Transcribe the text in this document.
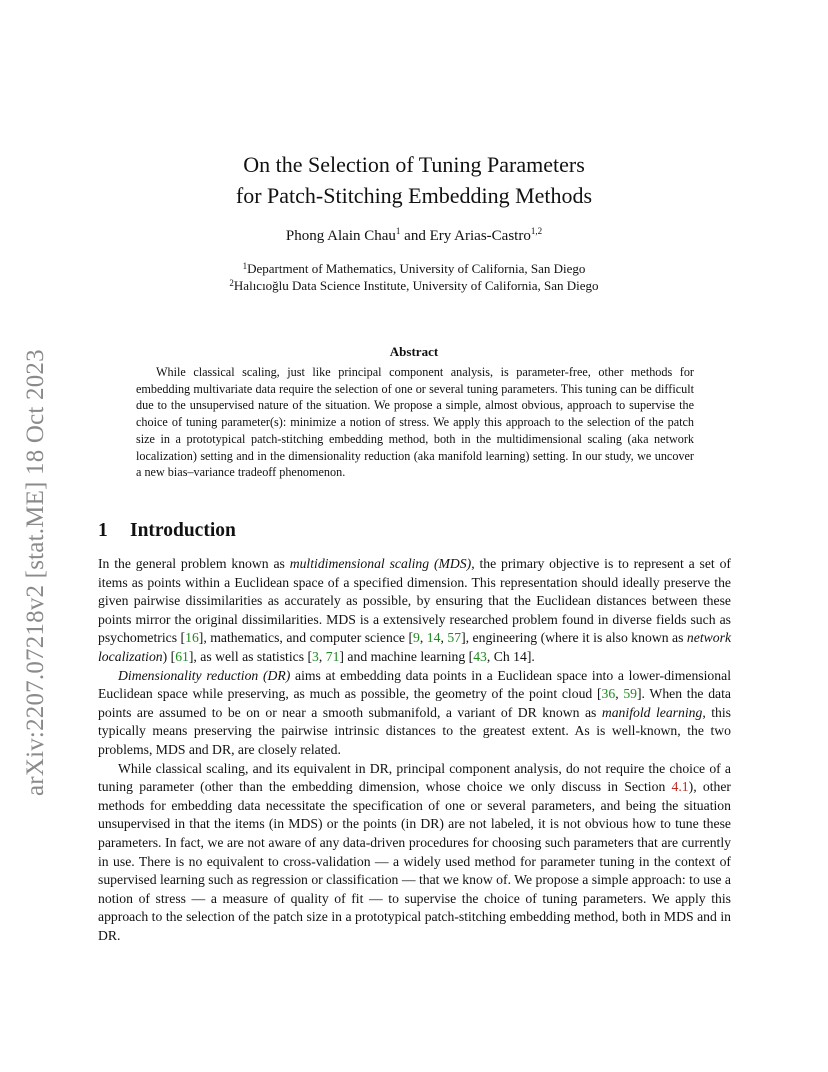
arXiv:2207.07218v2 [stat.ME] 18 Oct 2023
On the Selection of Tuning Parameters
for Patch-Stitching Embedding Methods
Phong Alain Chau$^1$ and Ery Arias-Castro$^{1,2}$
$^1$Department of Mathematics, University of California, San Diego
$^2$Halıcıoğlu Data Science Institute, University of California, San Diego
Abstract

While classical scaling, just like principal component analysis, is parameter-free, other methods for embedding multivariate data require the selection of one or several tuning parameters. This tuning can be difficult due to the unsupervised nature of the situation. We propose a simple, almost obvious, approach to supervise the choice of tuning parameter(s): minimize a notion of stress. We apply this approach to the selection of the patch size in a prototypical patch-stitching embedding method, both in the multidimensional scaling (aka network localization) setting and in the dimensionality reduction (aka manifold learning) setting. In our study, we uncover a new bias–variance tradeoff phenomenon.

1 Introduction

In the general problem known as multidimensional scaling (MDS), the primary objective is to represent a set of items as points within a Euclidean space of a specified dimension. This representation should ideally preserve the given pairwise dissimilarities as accurately as possible, by ensuring that the Euclidean distances between these points mirror the original dissimilarities. MDS is a extensively researched problem found in diverse fields such as psychometrics [16], mathematics, and computer science [9, 14, 57], engineering (where it is also known as network localization) [61], as well as statistics [3, 71] and machine learning [43, Ch 14].

Dimensionality reduction (DR) aims at embedding data points in a Euclidean space into a lower-dimensional Euclidean space while preserving, as much as possible, the geometry of the point cloud [36, 59]. When the data points are assumed to be on or near a smooth submanifold, a variant of DR known as manifold learning, this typically means preserving the pairwise intrinsic distances to the greatest extent. As is well-known, the two problems, MDS and DR, are closely related.

While classical scaling, and its equivalent in DR, principal component analysis, do not require the choice of a tuning parameter (other than the embedding dimension, whose choice we only discuss in Section 4.1), other methods for embedding data necessitate the specification of one or several parameters, and being the situation unsupervised in that the items (in MDS) or the points (in DR) are not labeled, it is not obvious how to tune these parameters. In fact, we are not aware of any data-driven procedures for choosing such parameters that are currently in use. There is no equivalent to cross-validation — a widely used method for parameter tuning in the context of supervised learning such as regression or classification — that we know of. We propose a simple approach: to use a notion of stress — a measure of quality of fit — to supervise the choice of tuning parameters. We apply this approach to the selection of the patch size in a prototypical patch-stitching embedding method, both in MDS and in DR.
